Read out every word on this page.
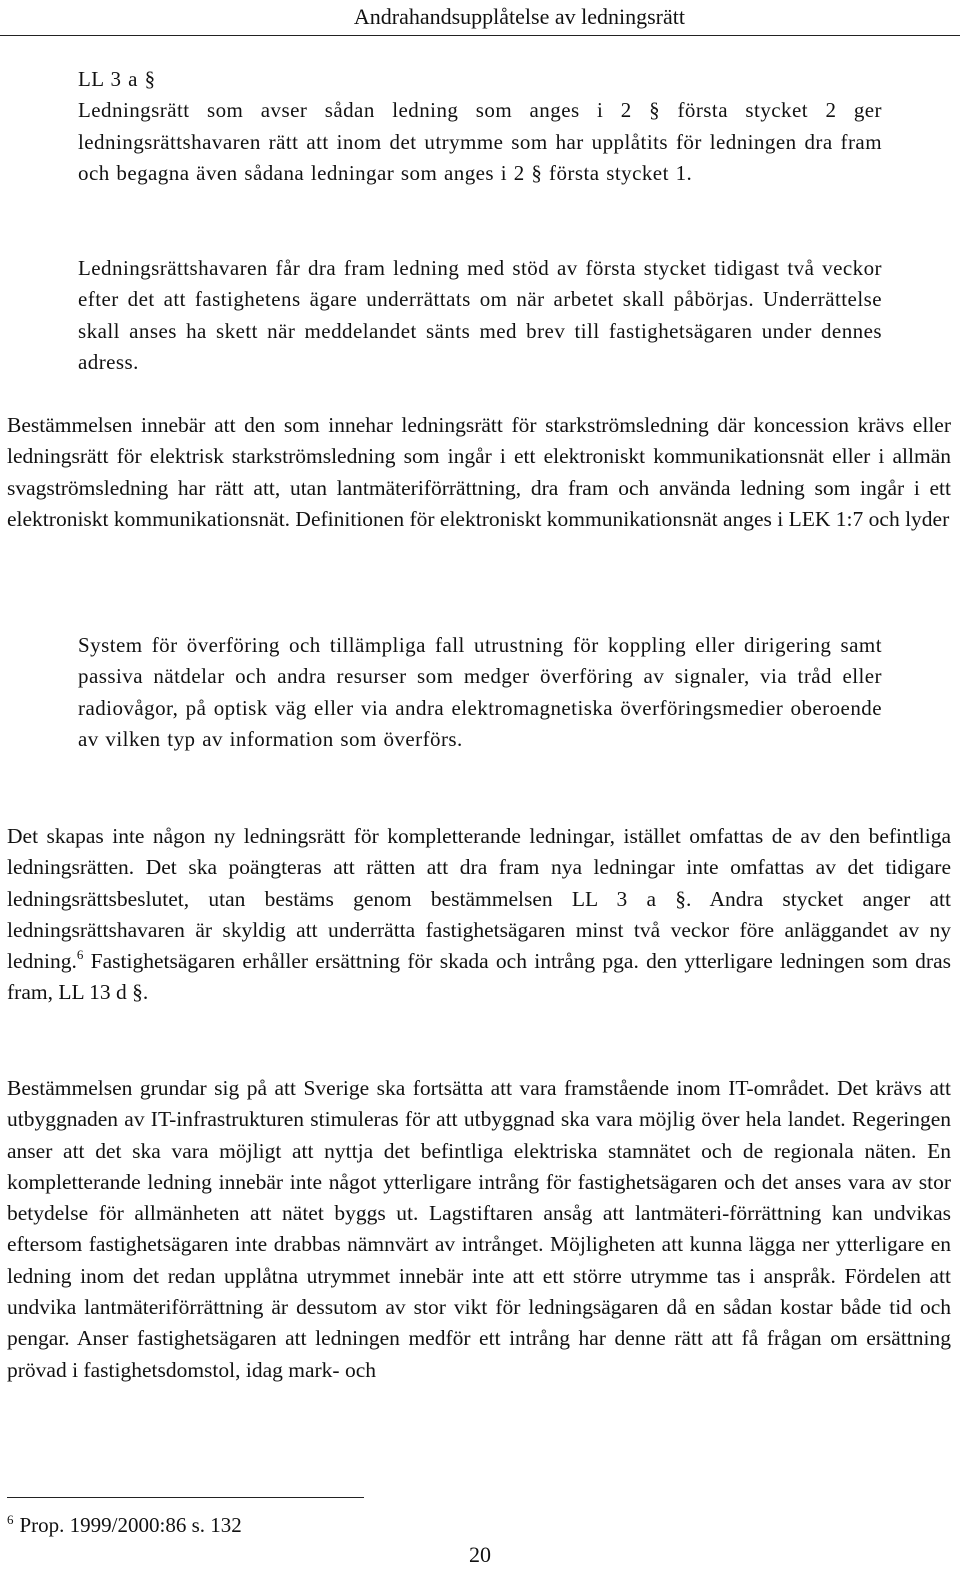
Andrahandsupplåtelse av ledningsrätt

LL 3 a §

Ledningsrätt som avser sådan ledning som anges i 2 § första stycket 2 ger ledningsrättshavaren rätt att inom det utrymme som har upplåtits för ledningen dra fram och begagna även sådana ledningar som anges i 2 § första stycket 1.

Ledningsrättshavaren får dra fram ledning med stöd av första stycket tidigast två veckor efter det att fastighetens ägare underrättats om när arbetet skall påbörjas. Underrättelse skall anses ha skett när meddelandet sänts med brev till fastighetsägaren under dennes adress.

Bestämmelsen innebär att den som innehar ledningsrätt för starkströmsledning där koncession krävs eller ledningsrätt för elektrisk starkströmsledning som ingår i ett elektroniskt kommunikationsnät eller i allmän svagströmsledning har rätt att, utan lantmäteriförrättning, dra fram och använda ledning som ingår i ett elektroniskt kommunikationsnät. Definitionen för elektroniskt kommunikationsnät anges i LEK 1:7 och lyder

System för överföring och tillämpliga fall utrustning för koppling eller dirigering samt passiva nätdelar och andra resurser som medger överföring av signaler, via tråd eller radiovågor, på optisk väg eller via andra elektromagnetiska överföringsmedier oberoende av vilken typ av information som överförs.

Det skapas inte någon ny ledningsrätt för kompletterande ledningar, istället omfattas de av den befintliga ledningsrätten. Det ska poängteras att rätten att dra fram nya ledningar inte omfattas av det tidigare ledningsrättsbeslutet, utan bestäms genom bestämmelsen LL 3 a §. Andra stycket anger att ledningsrättshavaren är skyldig att underrätta fastighetsägaren minst två veckor före anläggandet av ny ledning.$^6$ Fastighetsägaren erhåller ersättning för skada och intrång pga. den ytterligare ledningen som dras fram, LL 13 d §.

Bestämmelsen grundar sig på att Sverige ska fortsätta att vara framstående inom IT-området. Det krävs att utbyggnaden av IT-infrastrukturen stimuleras för att utbyggnad ska vara möjlig över hela landet. Regeringen anser att det ska vara möjligt att nyttja det befintliga elektriska stamnätet och de regionala näten. En kompletterande ledning innebär inte något ytterligare intrång för fastighetsägaren och det anses vara av stor betydelse för allmänheten att nätet byggs ut. Lagstiftaren ansåg att lantmäteri-förrättning kan undvikas eftersom fastighetsägaren inte drabbas nämnvärt av intrånget. Möjligheten att kunna lägga ner ytterligare en ledning inom det redan upplåtna utrymmet innebär inte att ett större utrymme tas i anspråk. Fördelen att undvika lantmäteriförrättning är dessutom av stor vikt för ledningsägaren då en sådan kostar både tid och pengar. Anser fastighetsägaren att ledningen medför ett intrång har denne rätt att få frågan om ersättning prövad i fastighetsdomstol, idag mark- och

$^6$ Prop. 1999/2000:86 s. 132
20
